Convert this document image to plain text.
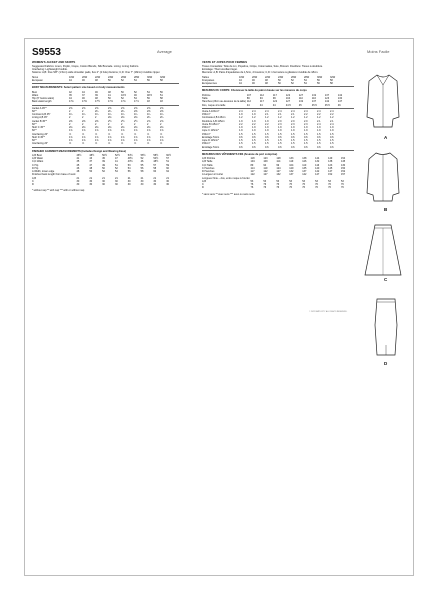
S9553	Average	Moins Facile
WOMEN'S JACKET AND SKIRTS
Suggested Fabrics: Linen, Poplin, Crepe, Cotton Blends, Silk Brocade. Lining: Lining Fabrics.
Interfacing: Lightweight fusible.
Notions: A,B: Five 5/8" (1.5cm) wide shoulder pads, five 2" (2 hole) buttons; C,D: One 7" (18cm) invisible zipper.
Sizes	10W	20W	22W	24W	26W	28W	30W	32W
European	44	46	48	50	52	54	56	58
BODY MEASUREMENTS: Select pattern size based on body measurements
Bust	42	44	46	48	50	52	54	56
Waist	35	37	39	41	43.5	46	48.5	51
Hip (9" below waist)	44	46	48	50	52	54	56	58
Back waist length	17¼	17⅜	17½	17⅝	17¾	17⅞	18	18
Jacket A 45"*	2⅝	2⅝	2⅝	2⅝	2⅝	2⅝	2⅝	2⅝
60"*	2	2	2¼	2¼	2¼	2⅜	2⅜	2⅜
Contrast A,B 45"	1¼	1¼	1¼	1¼	1¼	1¼	1¼	1¼
Lining A,B 45"	2	2	2	2⅛	2⅛	2⅛	2¼	2¼
Jacket B 45"*	2⅜	2⅜	2⅜	2½	2½	2½	2⅝	2⅝
60"*	2	2	2	2	2	2	2	2
Skirt C 45"*	2⅛	2⅛	2⅛	2⅛	2⅛	2⅛	2⅛	2⅛
60"*	1⅝	1⅝	1⅝	1⅝	1⅝	1⅝	1⅝	1⅝
Interfacing 20"	⅝	⅝	⅝	⅝	⅝	⅝	⅝	⅝
Skirt D 45"*	1⅝	1⅝	1⅝	1⅝	1⅝	1⅝	1⅝	1⅝
60"*	1⅝	1⅝	1⅝	1⅝	1⅝	1⅝	1⅝	1⅝
Interfacing 20"	⅝	⅝	⅝	⅝	⅝	⅝	⅝	⅝
FINISHED GARMENT MEASUREMENTS (Includes Design and Wearing Ease)
A,B Bust	46½	48½	50½	52½	54½	56½	58½	60½
A,B Waist	41	43	45	47	49½	52	54½	57
C,D Waist	35	37	39	41	43½	46	48½	51
C Hip	45	47	49	51	53	55	57	59
D Hip	46	48	50	52	54	56	58	60
A Width, lower edge	48	50	52	54	56	58	60	62
Finished back length from base of neck								
A,B	21	21	21	21	21	21	21	21
C	30	30	30	30	30	30	30	30
D	30	30	30	30	30	30	30	30
* without nap ** with nap *** with or without nap
VESTE ET JUPES POUR FEMMES
Tissus Conseillés: Toile de Lin, Popeline, Crêpe, Cotonnades, Soie, Brocart. Doublure: Tissus à doublure.
Entoilage: Thermocollant léger.
Mercerie: A,B: Paire d'épaulettes de 1,5cm, 2 boutons; C,D: 1 fermeture à glissière invisible de 18cm.
Tailles	10W	20W	22W	24W	26W	28W	30W	32W
Françaises	44	46	48	50	52	54	56	58
Européennes	44	46	48	50	52	54	56	58
MESURES DU CORPS: Choisissez la taille du patron basée sur les mesures du corps
Poitrine	107	112	117	122	127	132	137	142
Taille	89	94	99	104	110	116	123	130
Hanches (23cm au-dessous de la taille)	112	117	122	127	132	137	142	147
Dos, nuque à la taille	44	44	44	44.5	45	45.5	45.5	46
Veste A 115cm*	2.4	2.4	2.4	2.4	2.4	2.4	2.4	2.4
150cm*	1.9	1.9	2.1	2.1	2.1	2.2	2.2	2.2
Contraste A,B 115cm	1.2	1.2	1.2	1.2	1.2	1.2	1.2	1.2
Doublure A,B 115cm	1.9	1.9	1.9	2.0	2.0	2.0	2.1	2.1
Veste B 115cm*	2.2	2.2	2.2	2.3	2.3	2.3	2.4	2.4
150cm*	1.9	1.9	1.9	1.9	1.9	1.9	1.9	1.9
Jupe C 115cm*	1.9	1.9	1.9	1.9	1.9	1.9	1.9	1.9
150cm*	1.5	1.5	1.5	1.5	1.5	1.5	1.5	1.5
Entoilage 51cm	0.6	0.6	0.6	0.6	0.6	0.6	0.6	0.6
Jupe D 115cm*	1.5	1.5	1.5	1.5	1.5	1.5	1.5	1.5
150cm*	1.5	1.5	1.5	1.5	1.5	1.5	1.5	1.5
Entoilage 51cm	0.6	0.6	0.6	0.6	0.6	0.6	0.6	0.6
MESURES DES VÊTEMENTS FINI (Aisance de port comprise)
A,B Poitrine	118	123	128	133	138	144	149	154
A,B Taille	104	109	114	119	126	132	138	145
C,D Taille	89	94	99	104	110	116	123	130
C Hanches	114	119	124	129	135	140	145	150
D Hanches	117	122	127	132	137	142	147	152
A Largeur à l'ourlet	122	127	132	137	142	147	152	157
Longueur finie – dos, entre nuque à l'ourlet								
A,B	53	53	53	53	53	53	53	53
C	76	76	76	76	76	76	76	76
D	76	76	76	76	76	76	76	76
* sans sens ** avec sens *** avec ou sans sens
A
B
C
D
© 2022 SIMPLICITY. ALL RIGHTS RESERVED.
